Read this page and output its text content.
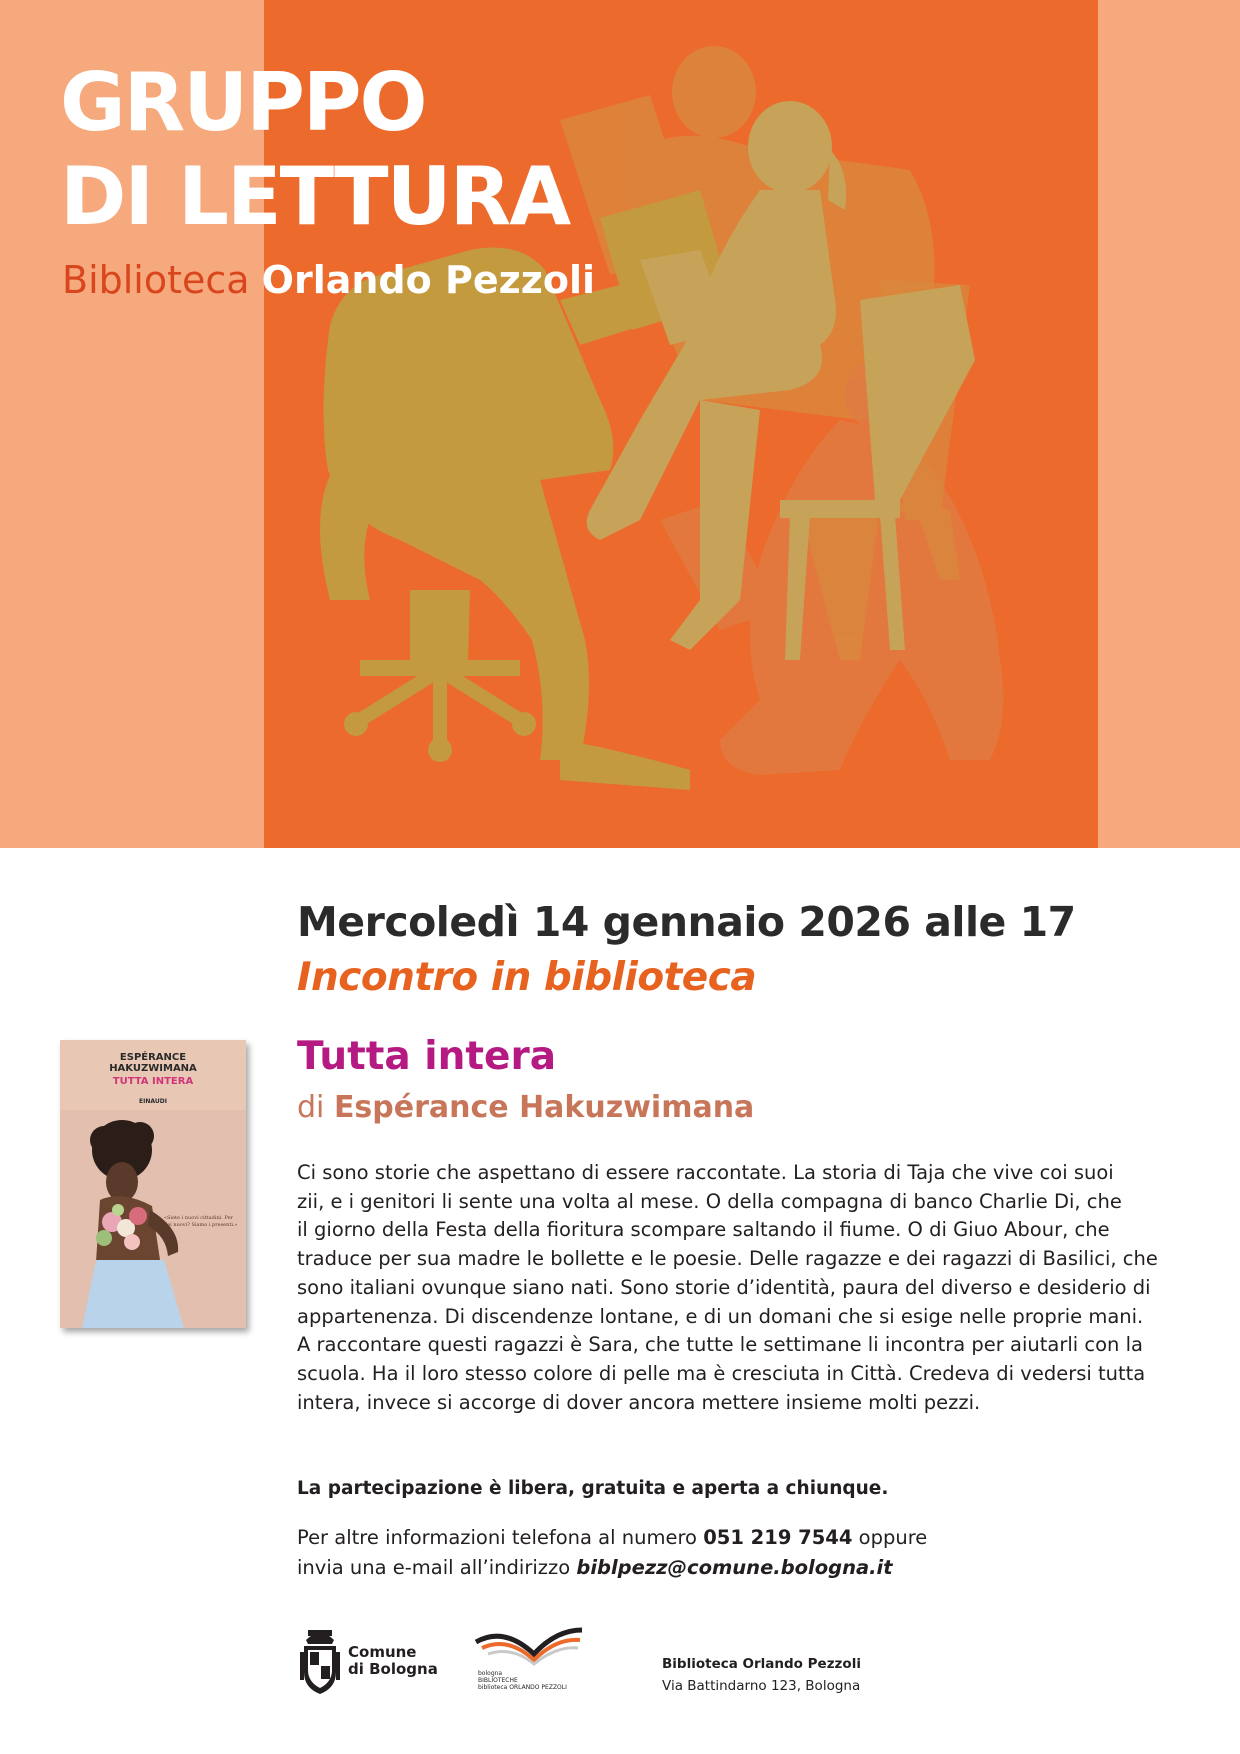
GRUPPO
DI LETTURA

Biblioteca Orlando Pezzoli

Mercoledì 14 gennaio 2026 alle 17
Incontro in biblioteca
Tutta intera

di Espérance Hakuzwimana

ESPÉRANCE
HAKUZWIMANA
TUTTA INTERA
EINAUDI
«Siete i nuovi cittadini. Per dei nuovi? Siamo i presenti.»

Ci sono storie che aspettano di essere raccontate. La storia di Taja che vive coi suoi
zii, e i genitori li sente una volta al mese. O della compagna di banco Charlie Di, che
il giorno della Festa della fioritura scompare saltando il fiume. O di Giuo Abour, che
traduce per sua madre le bollette e le poesie. Delle ragazze e dei ragazzi di Basilici, che
sono italiani ovunque siano nati. Sono storie d’identità, paura del diverso e desiderio di
appartenenza. Di discendenze lontane, e di un domani che si esige nelle proprie mani.
A raccontare questi ragazzi è Sara, che tutte le settimane li incontra per aiutarli con la
scuola. Ha il loro stesso colore di pelle ma è cresciuta in Città. Credeva di vedersi tutta
intera, invece si accorge di dover ancora mettere insieme molti pezzi.

La partecipazione è libera, gratuita e aperta a chiunque.

Per altre informazioni telefona al numero 051 219 7544 oppure
invia una e-mail all’indirizzo biblpezz@comune.bologna.it

Comune
di Bologna	bologna
BIBLIOTECHE
biblioteca ORLANDO PEZZOLI

Biblioteca Orlando Pezzoli
Via Battindarno 123, Bologna
